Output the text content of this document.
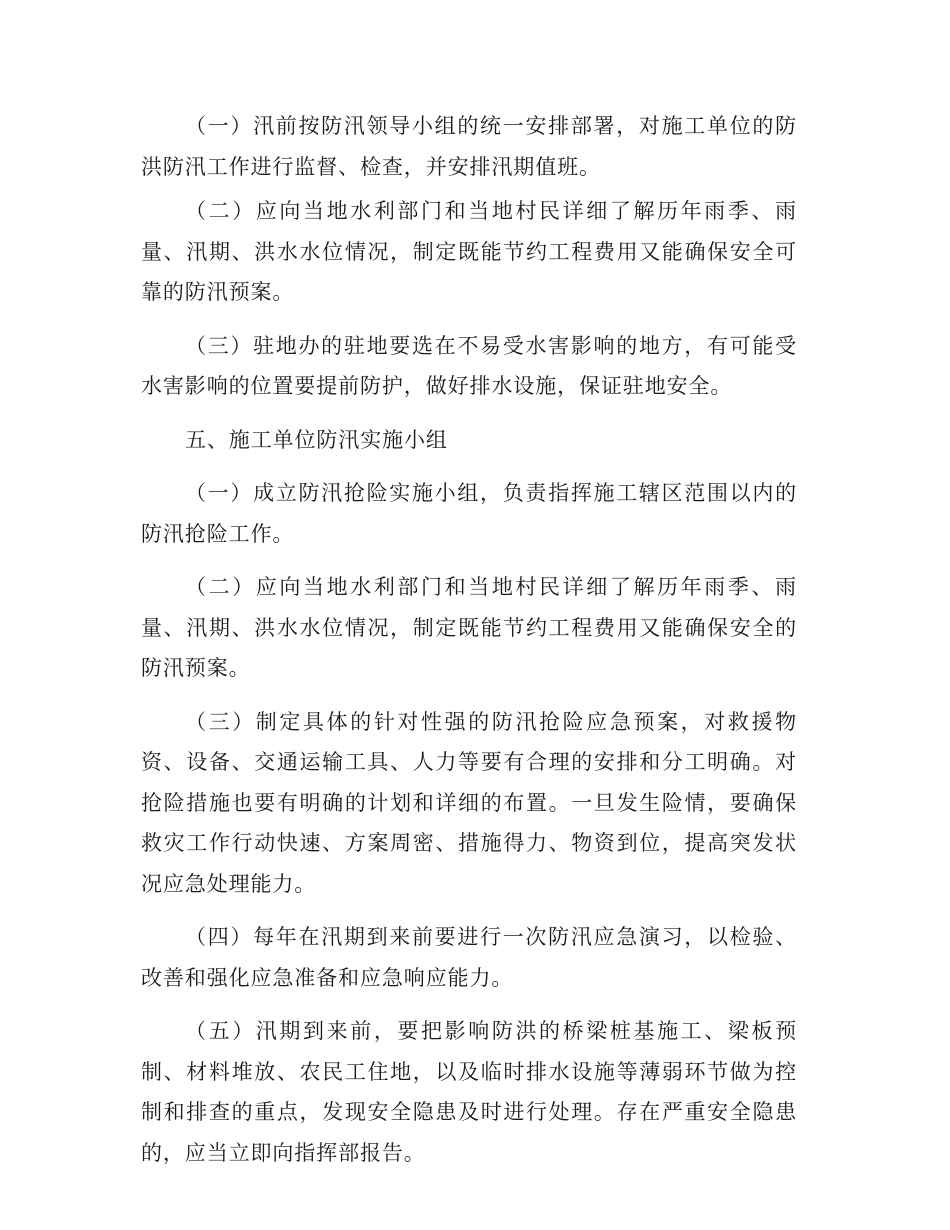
（一）汛前按防汛领导小组的统一安排部署，对施工单位的防洪防汛工作进行监督、检查，并安排汛期值班。

（二）应向当地水利部门和当地村民详细了解历年雨季、雨量、汛期、洪水水位情况，制定既能节约工程费用又能确保安全可靠的防汛预案。

（三）驻地办的驻地要选在不易受水害影响的地方，有可能受水害影响的位置要提前防护，做好排水设施，保证驻地安全。

五、施工单位防汛实施小组

（一）成立防汛抢险实施小组，负责指挥施工辖区范围以内的防汛抢险工作。

（二）应向当地水利部门和当地村民详细了解历年雨季、雨量、汛期、洪水水位情况，制定既能节约工程费用又能确保安全的防汛预案。

（三）制定具体的针对性强的防汛抢险应急预案，对救援物资、设备、交通运输工具、人力等要有合理的安排和分工明确。对抢险措施也要有明确的计划和详细的布置。一旦发生险情，要确保救灾工作行动快速、方案周密、措施得力、物资到位，提高突发状况应急处理能力。

（四）每年在汛期到来前要进行一次防汛应急演习，以检验、改善和强化应急准备和应急响应能力。

（五）汛期到来前，要把影响防洪的桥梁桩基施工、梁板预制、材料堆放、农民工住地，以及临时排水设施等薄弱环节做为控制和排查的重点，发现安全隐患及时进行处理。存在严重安全隐患的，应当立即向指挥部报告。
